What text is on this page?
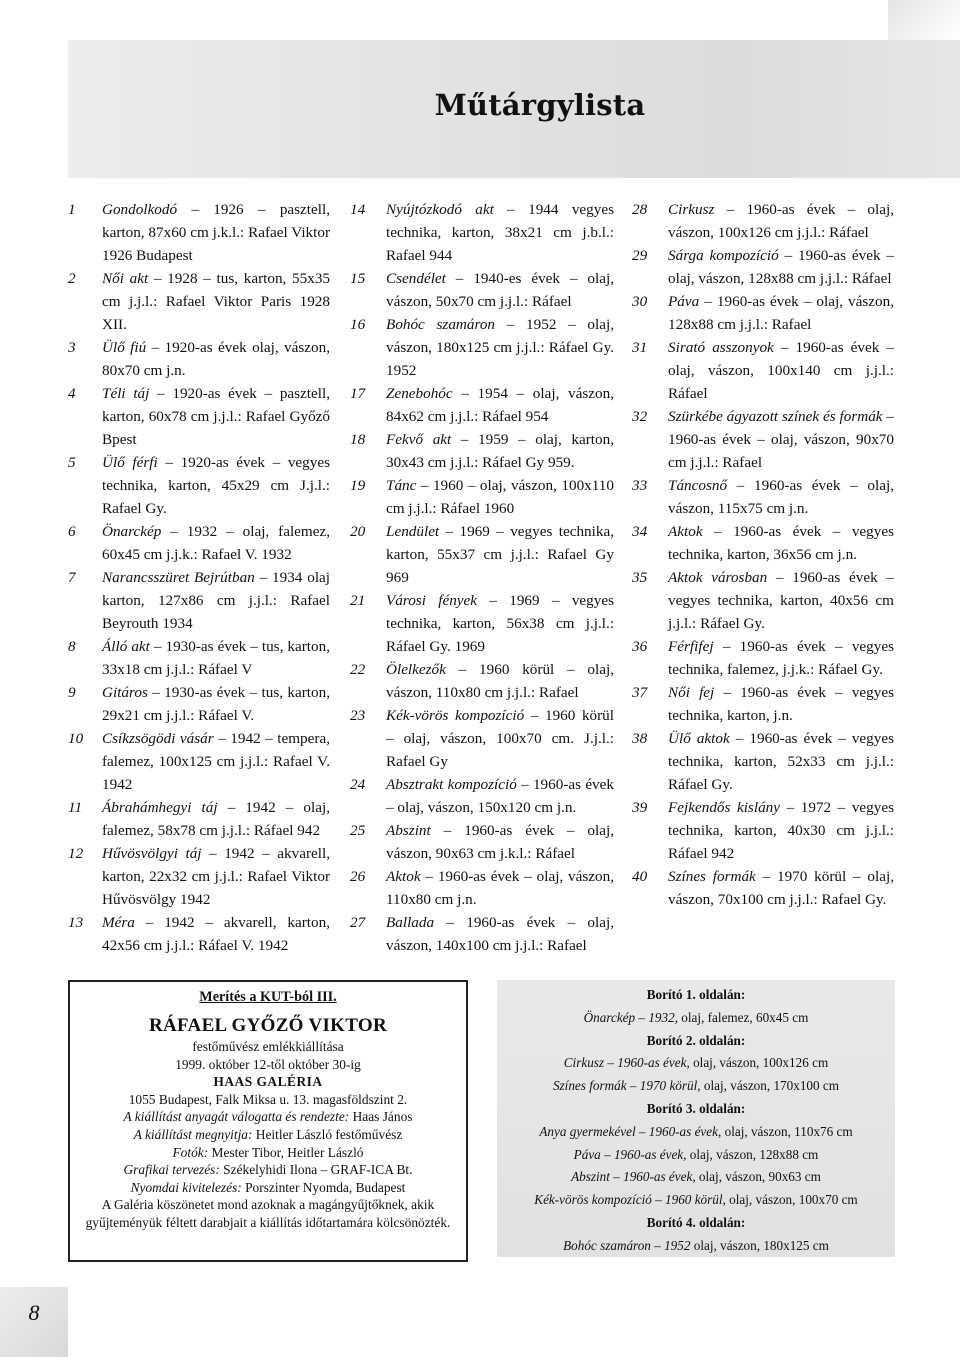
Műtárgylista
1	Gondolkodó – 1926 – pasztell, karton, 87x60 cm j.k.l.: Rafael Viktor 1926 Budapest
2	Női akt – 1928 – tus, karton, 55x35 cm j.j.l.: Rafael Viktor Paris 1928 XII.
3	Ülő fiú – 1920-as évek olaj, vászon, 80x70 cm j.n.
4	Téli táj – 1920-as évek – pasztell, karton, 60x78 cm j.j.l.: Rafael Győző Bpest
5	Ülő férfi – 1920-as évek – vegyes technika, karton, 45x29 cm J.j.l.: Rafael Gy.
6	Önarckép – 1932 – olaj, falemez, 60x45 cm j.j.k.: Rafael V. 1932
7	Narancsszüret Bejrútban – 1934 olaj karton, 127x86 cm j.j.l.: Rafael Beyrouth 1934
8	Álló akt – 1930-as évek – tus, karton, 33x18 cm j.j.l.: Ráfael V
9	Gitáros – 1930-as évek – tus, karton, 29x21 cm j.j.l.: Ráfael V.
10	Csíkzsögödi vásár – 1942 – tempera, falemez, 100x125 cm j.j.l.: Rafael V. 1942
11	Ábrahámhegyi táj – 1942 – olaj, falemez, 58x78 cm j.j.l.: Ráfael 942
12	Hűvösvölgyi táj – 1942 – akvarell, karton, 22x32 cm j.j.l.: Rafael Viktor Hűvösvölgy 1942
13	Méra – 1942 – akvarell, karton, 42x56 cm j.j.l.: Ráfael V. 1942
14	Nyújtózkodó akt – 1944 vegyes technika, karton, 38x21 cm j.b.l.: Rafael 944
15	Csendélet – 1940-es évek – olaj, vászon, 50x70 cm j.j.l.: Ráfael
16	Bohóc szamáron – 1952 – olaj, vászon, 180x125 cm j.j.l.: Ráfael Gy. 1952
17	Zenebohóc – 1954 – olaj, vászon, 84x62 cm j.j.l.: Ráfael 954
18	Fekvő akt – 1959 – olaj, karton, 30x43 cm j.j.l.: Ráfael Gy 959.
19	Tánc – 1960 – olaj, vászon, 100x110 cm j.j.l.: Ráfael 1960
20	Lendület – 1969 – vegyes technika, karton, 55x37 cm j.j.l.: Rafael Gy 969
21	Városi fények – 1969 – vegyes technika, karton, 56x38 cm j.j.l.: Ráfael Gy. 1969
22	Ölelkezők – 1960 körül – olaj, vászon, 110x80 cm j.j.l.: Rafael
23	Kék-vörös kompozíció – 1960 körül – olaj, vászon, 100x70 cm. J.j.l.: Rafael Gy
24	Absztrakt kompozíció – 1960-as évek – olaj, vászon, 150x120 cm j.n.
25	Abszint – 1960-as évek – olaj, vászon, 90x63 cm j.k.l.: Ráfael
26	Aktok – 1960-as évek – olaj, vászon, 110x80 cm j.n.
27	Ballada – 1960-as évek – olaj, vászon, 140x100 cm j.j.l.: Rafael
28	Cirkusz – 1960-as évek – olaj, vászon, 100x126 cm j.j.l.: Ráfael
29	Sárga kompozíció – 1960-as évek – olaj, vászon, 128x88 cm j.j.l.: Ráfael
30	Páva – 1960-as évek – olaj, vászon, 128x88 cm j.j.l.: Rafael
31	Sirató asszonyok – 1960-as évek – olaj, vászon, 100x140 cm j.j.l.: Ráfael
32	Szürkébe ágyazott színek és formák – 1960-as évek – olaj, vászon, 90x70 cm j.j.l.: Rafael
33	Táncosnő – 1960-as évek – olaj, vászon, 115x75 cm j.n.
34	Aktok – 1960-as évek – vegyes technika, karton, 36x56 cm j.n.
35	Aktok városban – 1960-as évek – vegyes technika, karton, 40x56 cm j.j.l.: Ráfael Gy.
36	Férfifej – 1960-as évek – vegyes technika, falemez, j.j.k.: Ráfael Gy.
37	Női fej – 1960-as évek – vegyes technika, karton, j.n.
38	Ülő aktok – 1960-as évek – vegyes technika, karton, 52x33 cm j.j.l.: Ráfael Gy.
39	Fejkendős kislány – 1972 – vegyes technika, karton, 40x30 cm j.j.l.: Ráfael 942
40	Színes formák – 1970 körül – olaj, vászon, 70x100 cm j.j.l.: Rafael Gy.
Merítés a KUT-ból III.
RÁFAEL GYŐZŐ VIKTOR
festőművész emlékkiállítása
1999. október 12-től október 30-ig
HAAS GALÉRIA
1055 Budapest, Falk Miksa u. 13. magasföldszint 2.
A kiállítást anyagát válogatta és rendezte: Haas János
A kiállítást megnyitja: Heitler László festőművész
Fotók: Mester Tibor, Heitler László
Grafikai tervezés: Székelyhidi Ilona – GRAF-ICA Bt.
Nyomdai kivitelezés: Porszinter Nyomda, Budapest
A Galéria köszönetet mond azoknak a magángyűjtőknek, akik gyűjteményük féltett darabjait a kiállítás időtartamára kölcsönözték.
Borító 1. oldalán:
Önarckép – 1932, olaj, falemez, 60x45 cm
Borító 2. oldalán:
Cirkusz – 1960-as évek, olaj, vászon, 100x126 cm
Színes formák – 1970 körül, olaj, vászon, 170x100 cm
Borító 3. oldalán:
Anya gyermekével – 1960-as évek, olaj, vászon, 110x76 cm
Páva – 1960-as évek, olaj, vászon, 128x88 cm
Abszint – 1960-as évek, olaj, vászon, 90x63 cm
Kék-vörös kompozíció – 1960 körül, olaj, vászon, 100x70 cm
Borító 4. oldalán:
Bohóc szamáron – 1952 olaj, vászon, 180x125 cm
8
